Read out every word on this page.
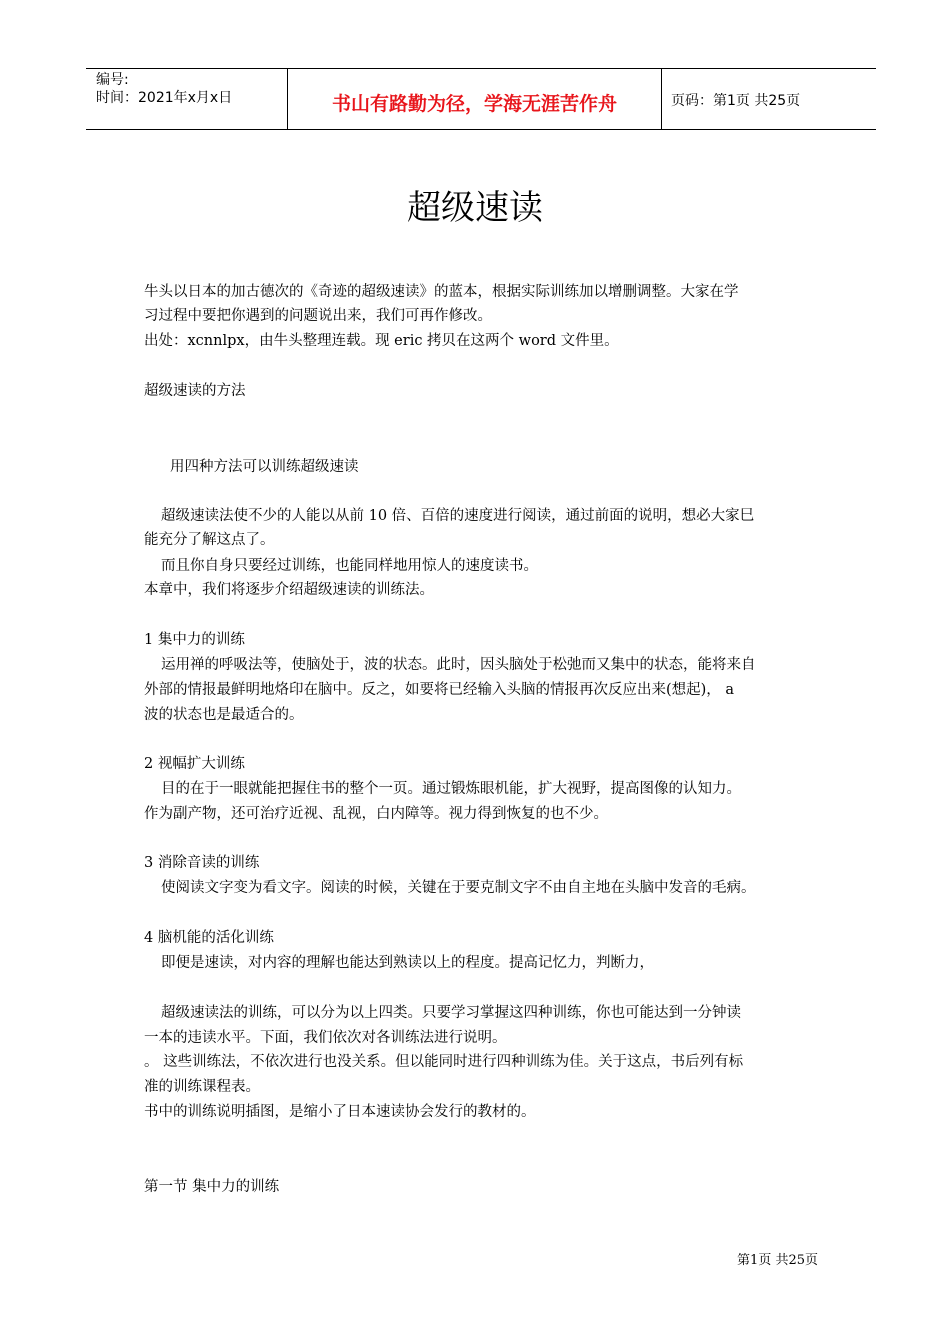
编号:
时间：2021年x月x日	书山有路勤为径，学海无涯苦作舟	页码：第1页 共25页
超级速读
牛头以日本的加古德次的《奇迹的超级速读》的蓝本，根据实际训练加以增删调整。大家在学
习过程中要把你遇到的问题说出来，我们可再作修改。
出处：xcnnlpx，由牛头整理连载。现 eric 拷贝在这两个 word 文件里。
超级速读的方法
用四种方法可以训练超级速读
超级速读法使不少的人能以从前 10 倍、百倍的速度进行阅读，通过前面的说明，想必大家巳
能充分了解这点了。
而且你自身只要经过训练，也能同样地用惊人的速度读书。
本章中，我们将逐步介绍超级速读的训练法。
1 集中力的训练
运用禅的呼吸法等，使脑处于，波的状态。此时，因头脑处于松弛而又集中的状态，能将来自
外部的情报最鲜明地烙印在脑中。反之，如要将已经输入头脑的情报再次反应出来(想起)， a
波的状态也是最适合的。
2 视幅扩大训练
目的在于一眼就能把握住书的整个一页。通过锻炼眼机能，扩大视野，提高图像的认知力。
作为副产物，还可治疗近视、乱视，白内障等。视力得到恢复的也不少。
3 消除音读的训练
使阅读文字变为看文字。阅读的时候，关键在于要克制文字不由自主地在头脑中发音的毛病。
4 脑机能的活化训练
即便是速读，对内容的理解也能达到熟读以上的程度。提高记忆力，判断力，
超级速读法的训练，可以分为以上四类。只要学习掌握这四种训练，你也可能达到一分钟读
一本的违读水平。下面，我们依次对各训练法进行说明。
。 这些训练法，不依次进行也没关系。但以能同时进行四种训练为佳。关于这点，书后列有标
准的训练课程表。
书中的训练说明插图，是缩小了日本速读协会发行的教材的。
第一节 集中力的训练
第1页 共25页
